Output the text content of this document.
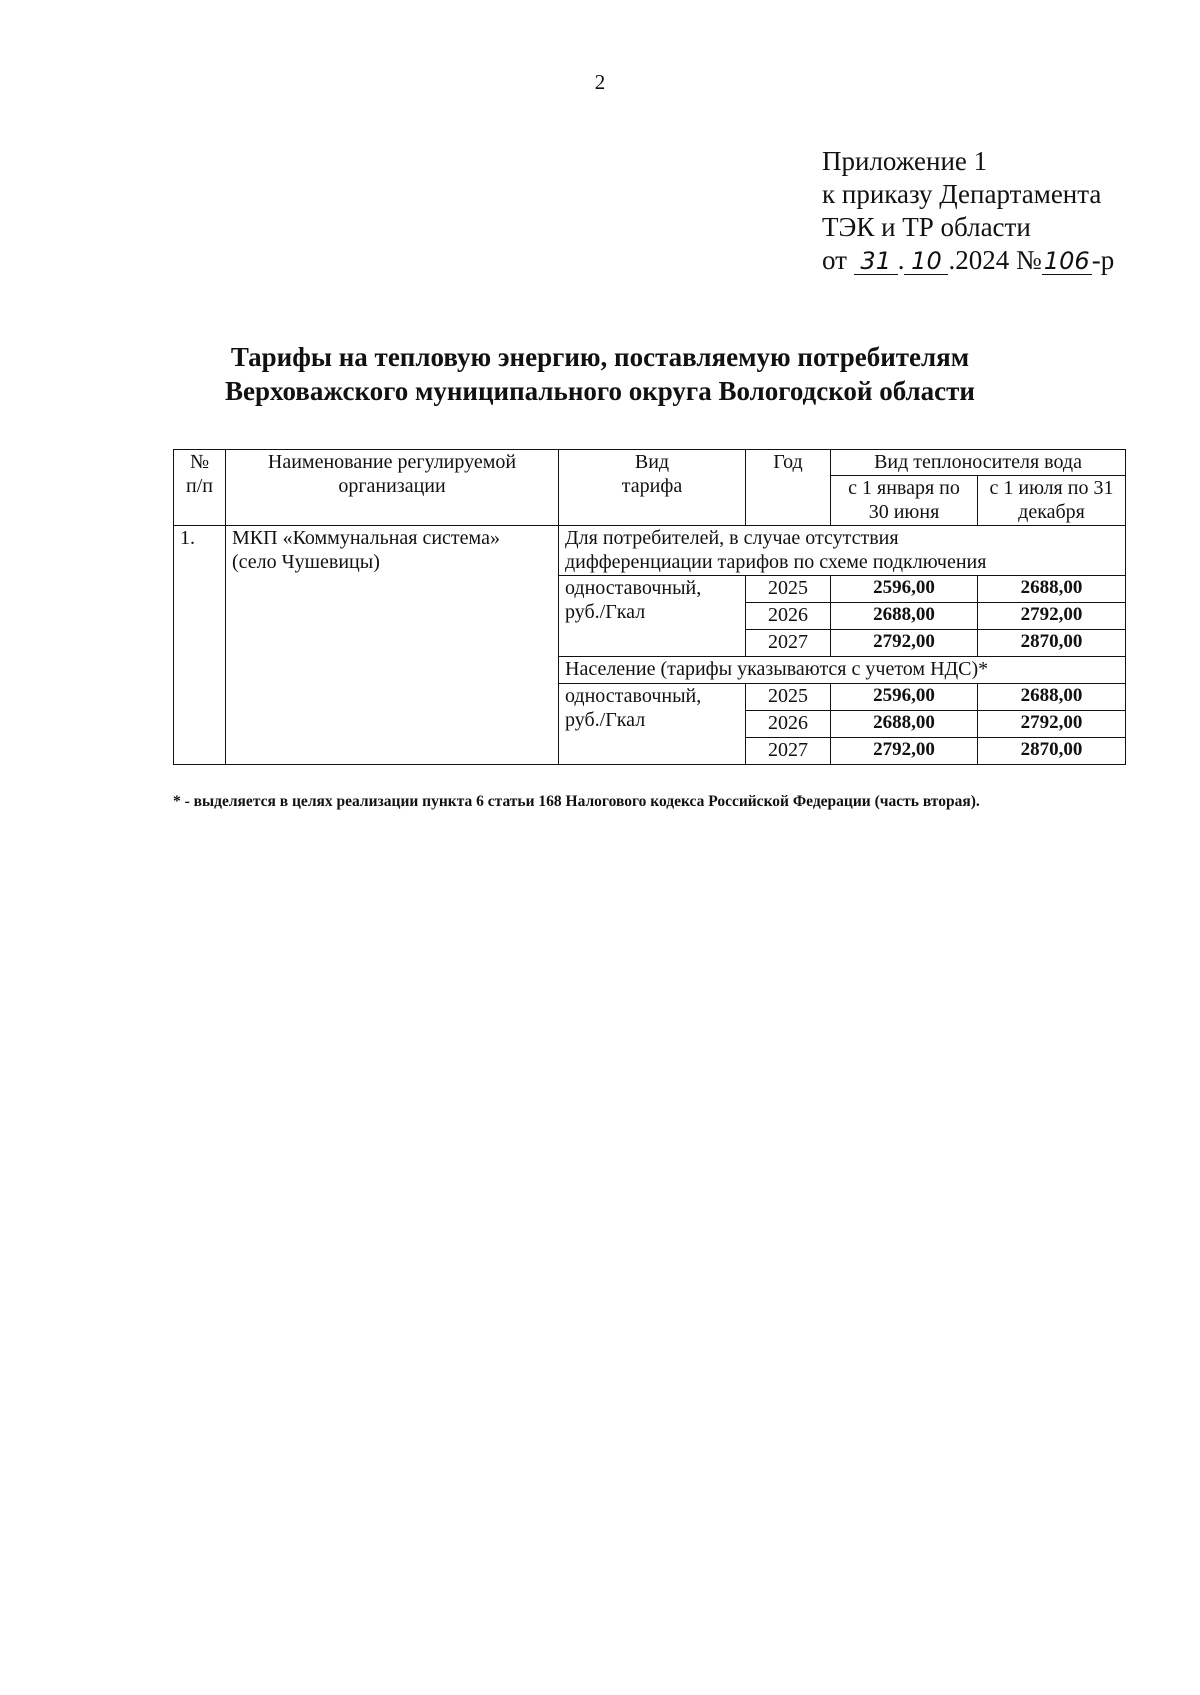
2
Приложение 1
к приказу Департамента
ТЭК и ТР области
от 31 . 10 .2024 №106-р
Тарифы на тепловую энергию, поставляемую потребителям
Верховажского муниципального округа Вологодской области
№ п/п	Наименование регулируемой организации	Вид тарифа	Год	Вид теплоносителя вода	
				с 1 января по 30 июня	с 1 июля по 31 декабря
1.	МКП «Коммунальная система» (село Чушевицы)	Для потребителей, в случае отсутствия дифференциации тарифов по схеме подключения			
		одноставочный, руб./Гкал	2025	2596,00	2688,00
			2026	2688,00	2792,00
			2027	2792,00	2870,00
		Население (тарифы указываются с учетом НДС)*			
		одноставочный, руб./Гкал	2025	2596,00	2688,00
			2026	2688,00	2792,00
			2027	2792,00	2870,00
* - выделяется в целях реализации пункта 6 статьи 168 Налогового кодекса Российской Федерации (часть вторая).
